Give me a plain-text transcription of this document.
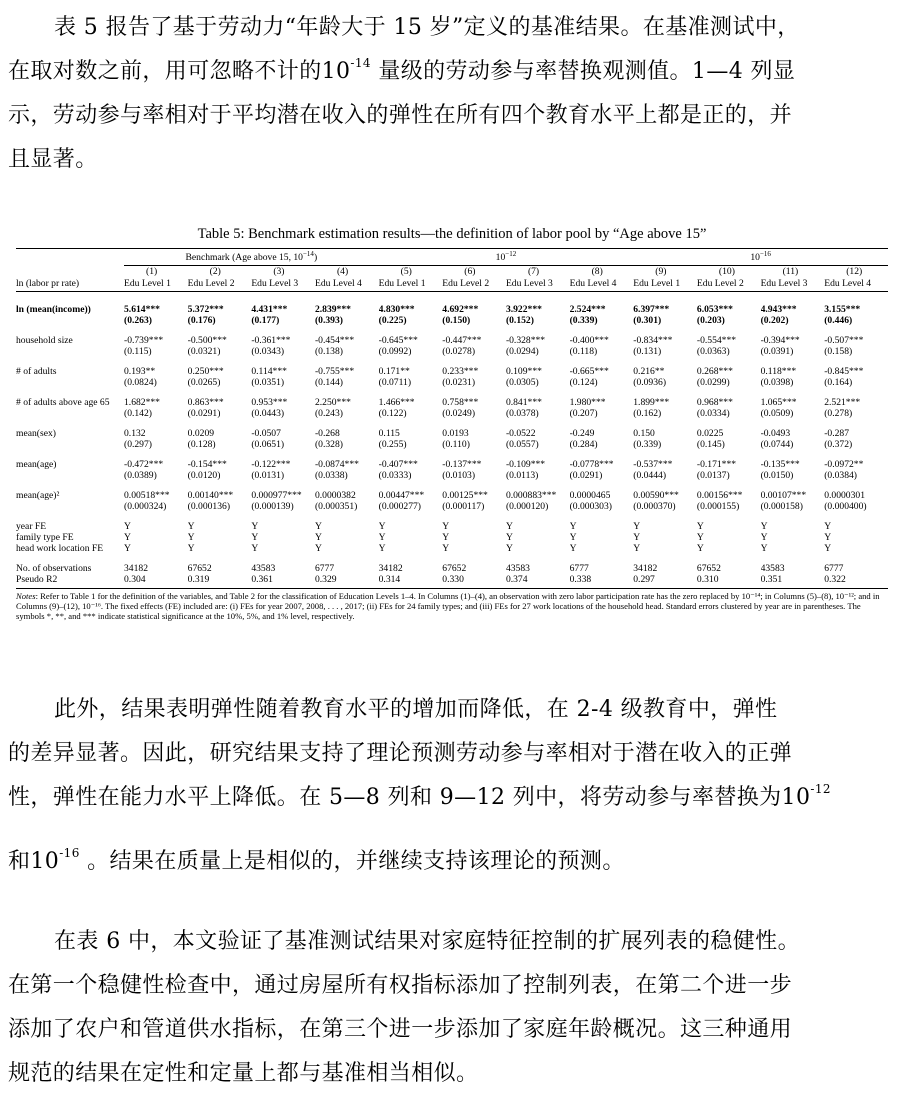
表 5 报告了基于劳动力“年龄大于 15 岁”定义的基准结果。在基准测试中，
在取对数之前，用可忽略不计的$10^{-14}$ 量级的劳动参与率替换观测值。1—4 列显
示，劳动参与率相对于平均潜在收入的弹性在所有四个教育水平上都是正的，并
且显著。
Table 5: Benchmark estimation results—the definition of labor pool by “Age above 15”

	Benchmark (Age above 15, $10^{-14}$)				$10^{-12}$				$10^{-16}$
	(1)	(2)	(3)	(4)	(5)	(6)	(7)	(8)	(9)	(10)	(11)	(12)
ln (labor pr rate)	Edu Level 1	Edu Level 2	Edu Level 3	Edu Level 4	Edu Level 1	Edu Level 2	Edu Level 3	Edu Level 4	Edu Level 1	Edu Level 2	Edu Level 3	Edu Level 4

ln (mean(income))	5.614***	5.372***	4.431***	2.839***	4.830***	4.692***	3.922***	2.524***	6.397***	6.053***	4.943***	3.155***
	(0.263)	(0.176)	(0.177)	(0.393)	(0.225)	(0.150)	(0.152)	(0.339)	(0.301)	(0.203)	(0.202)	(0.446)

household size	-0.739***	-0.500***	-0.361***	-0.454***	-0.645***	-0.447***	-0.328***	-0.400***	-0.834***	-0.554***	-0.394***	-0.507***
	(0.115)	(0.0321)	(0.0343)	(0.138)	(0.0992)	(0.0278)	(0.0294)	(0.118)	(0.131)	(0.0363)	(0.0391)	(0.158)

# of adults	0.193**	0.250***	0.114***	-0.755***	0.171**	0.233***	0.109***	-0.665***	0.216**	0.268***	0.118***	-0.845***
	(0.0824)	(0.0265)	(0.0351)	(0.144)	(0.0711)	(0.0231)	(0.0305)	(0.124)	(0.0936)	(0.0299)	(0.0398)	(0.164)

# of adults above age 65	1.682***	0.863***	0.953***	2.250***	1.466***	0.758***	0.841***	1.980***	1.899***	0.968***	1.065***	2.521***
	(0.142)	(0.0291)	(0.0443)	(0.243)	(0.122)	(0.0249)	(0.0378)	(0.207)	(0.162)	(0.0334)	(0.0509)	(0.278)

mean(sex)	0.132	0.0209	-0.0507	-0.268	0.115	0.0193	-0.0522	-0.249	0.150	0.0225	-0.0493	-0.287
	(0.297)	(0.128)	(0.0651)	(0.328)	(0.255)	(0.110)	(0.0557)	(0.284)	(0.339)	(0.145)	(0.0744)	(0.372)

mean(age)	-0.472***	-0.154***	-0.122***	-0.0874***	-0.407***	-0.137***	-0.109***	-0.0778***	-0.537***	-0.171***	-0.135***	-0.0972**
	(0.0389)	(0.0120)	(0.0131)	(0.0338)	(0.0333)	(0.0103)	(0.0113)	(0.0291)	(0.0444)	(0.0137)	(0.0150)	(0.0384)

mean(age)²	0.00518***	0.00140***	0.000977***	0.0000382	0.00447***	0.00125***	0.000883***	0.0000465	0.00590***	0.00156***	0.00107***	0.0000301
	(0.000324)	(0.000136)	(0.000139)	(0.000351)	(0.000277)	(0.000117)	(0.000120)	(0.000303)	(0.000370)	(0.000155)	(0.000158)	(0.000400)

year FE	Y	Y	Y	Y	Y	Y	Y	Y	Y	Y	Y	Y
family type FE	Y	Y	Y	Y	Y	Y	Y	Y	Y	Y	Y	Y
head work location FE	Y	Y	Y	Y	Y	Y	Y	Y	Y	Y	Y	Y

No. of observations	34182	67652	43583	6777	34182	67652	43583	6777	34182	67652	43583	6777
Pseudo R2	0.304	0.319	0.361	0.329	0.314	0.330	0.374	0.338	0.297	0.310	0.351	0.322

Notes: Refer to Table 1 for the definition of the variables, and Table 2 for the classification of Education Levels 1–4. In Columns (1)–(4), an observation with zero labor participation rate has the zero replaced by 10⁻¹⁴; in Columns (5)–(8), 10⁻¹²; and in Columns (9)–(12), 10⁻¹⁶. The fixed effects (FE) included are: (i) FEs for year 2007, 2008, . . . , 2017; (ii) FEs for 24 family types; and (iii) FEs for 27 work locations of the household head. Standard errors clustered by year are in parentheses. The symbols *, **, and *** indicate statistical significance at the 10%, 5%, and 1% level, respectively.
此外，结果表明弹性随着教育水平的增加而降低，在 2-4 级教育中，弹性
的差异显著。因此，研究结果支持了理论预测劳动参与率相对于潜在收入的正弹
性，弹性在能力水平上降低。在 5—8 列和 9—12 列中，将劳动参与率替换为$10^{-12}$
和$10^{-16}$ 。结果在质量上是相似的，并继续支持该理论的预测。
在表 6 中，本文验证了基准测试结果对家庭特征控制的扩展列表的稳健性。
在第一个稳健性检查中，通过房屋所有权指标添加了控制列表，在第二个进一步
添加了农户和管道供水指标，在第三个进一步添加了家庭年龄概况。这三种通用
规范的结果在定性和定量上都与基准相当相似。
